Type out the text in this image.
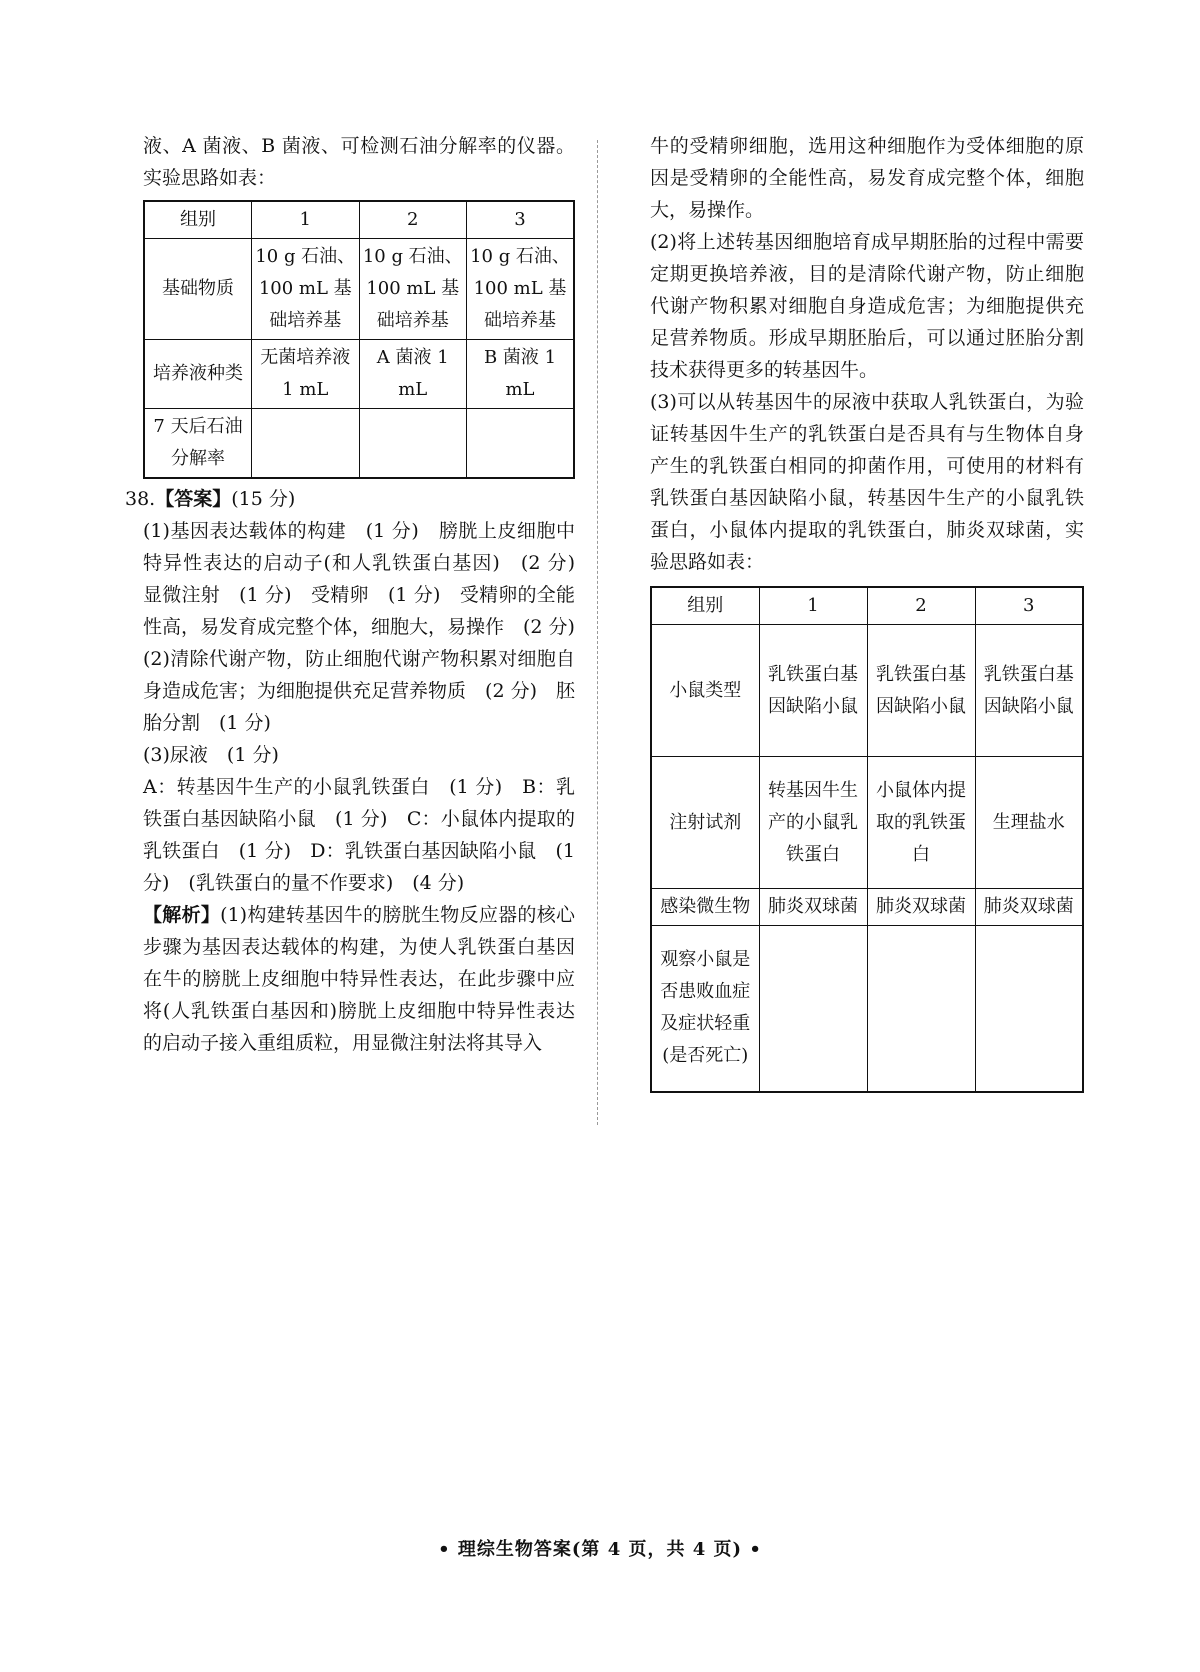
液、A 菌液、B 菌液、可检测石油分解率的仪器。实验思路如表：

组别	1	2	3
基础物质	10 g 石油、100 mL 基础培养基	10 g 石油、100 mL 基础培养基	10 g 石油、100 mL 基础培养基
培养液种类	无菌培养液 1 mL	A 菌液 1 mL	B 菌液 1 mL
7 天后石油分解率			

38.【答案】(15 分)

(1)基因表达载体的构建　(1 分)　膀胱上皮细胞中特异性表达的启动子(和人乳铁蛋白基因)　(2 分)　显微注射　(1 分)　受精卵　(1 分)　受精卵的全能性高，易发育成完整个体，细胞大，易操作　(2 分)

(2)清除代谢产物，防止细胞代谢产物积累对细胞自身造成危害；为细胞提供充足营养物质　(2 分)　胚胎分割　(1 分)

(3)尿液　(1 分)

A：转基因牛生产的小鼠乳铁蛋白　(1 分)　B：乳铁蛋白基因缺陷小鼠　(1 分)　C：小鼠体内提取的乳铁蛋白　(1 分)　D：乳铁蛋白基因缺陷小鼠　(1 分)　(乳铁蛋白的量不作要求)　(4 分)

【解析】(1)构建转基因牛的膀胱生物反应器的核心步骤为基因表达载体的构建，为使人乳铁蛋白基因在牛的膀胱上皮细胞中特异性表达，在此步骤中应将(人乳铁蛋白基因和)膀胱上皮细胞中特异性表达的启动子接入重组质粒，用显微注射法将其导入

牛的受精卵细胞，选用这种细胞作为受体细胞的原因是受精卵的全能性高，易发育成完整个体，细胞大，易操作。

(2)将上述转基因细胞培育成早期胚胎的过程中需要定期更换培养液，目的是清除代谢产物，防止细胞代谢产物积累对细胞自身造成危害；为细胞提供充足营养物质。形成早期胚胎后，可以通过胚胎分割技术获得更多的转基因牛。

(3)可以从转基因牛的尿液中获取人乳铁蛋白，为验证转基因牛生产的乳铁蛋白是否具有与生物体自身产生的乳铁蛋白相同的抑菌作用，可使用的材料有乳铁蛋白基因缺陷小鼠，转基因牛生产的小鼠乳铁蛋白，小鼠体内提取的乳铁蛋白，肺炎双球菌，实验思路如表：

组别	1	2	3
小鼠类型	乳铁蛋白基因缺陷小鼠	乳铁蛋白基因缺陷小鼠	乳铁蛋白基因缺陷小鼠
注射试剂	转基因牛生产的小鼠乳铁蛋白	小鼠体内提取的乳铁蛋白	生理盐水
感染微生物	肺炎双球菌	肺炎双球菌	肺炎双球菌
观察小鼠是否患败血症及症状轻重(是否死亡)			
• 理综生物答案(第 4 页，共 4 页) •
